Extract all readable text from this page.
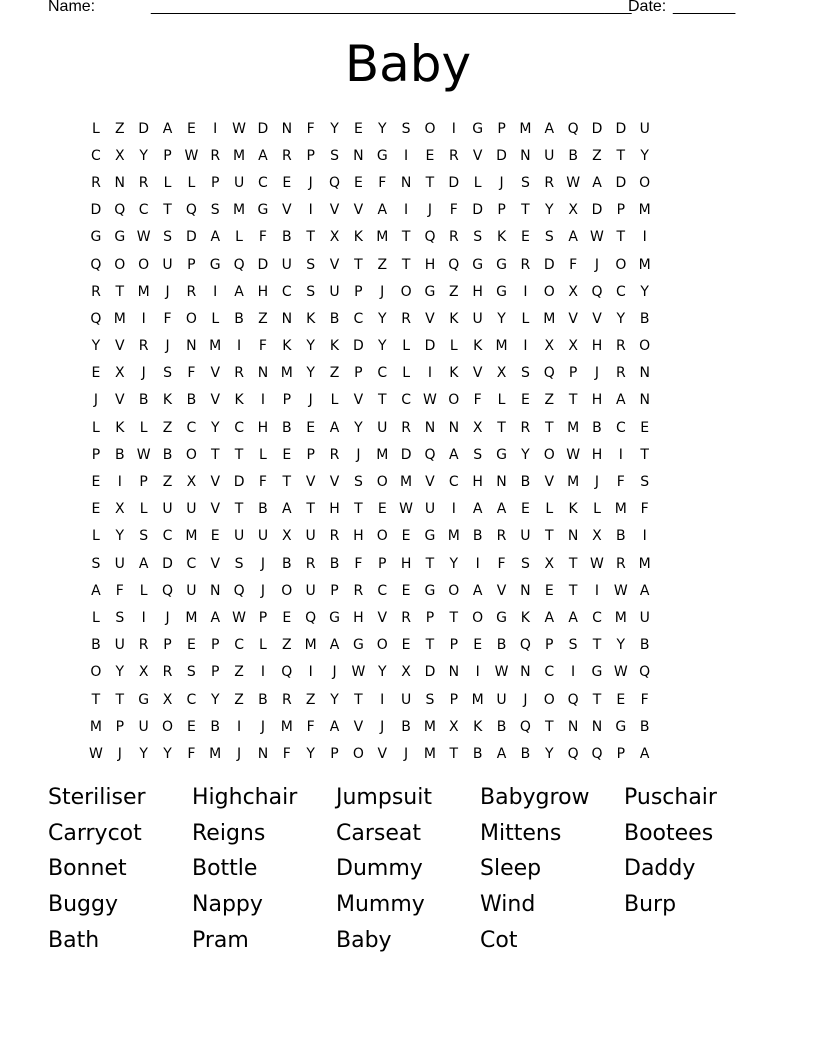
Name:	______________________________________________________
Date: _______
Baby
L	Z D A	E	I	W D N	F	Y	E	Y	S O	I	G	P M A Q D D U
C	X	Y	P W R M A	R	P	S	N G	I	E	R	V D N U B	Z	T	Y
R N R	L	L	P	U C	E	J	Q E	F	N	T	D	L	J	S	R W A D O
D Q C	T	Q S M G V	I	V	V	A	I	J	F	D	P	T	Y	X D	P M
G G W S	D A	L	F	B	T	X	K M T	Q R	S	K	E	S	A W T	I
Q O O U	P	G Q D U	S	V	T	Z	T	H Q G G R D	F	J	O M
R	T M	J	R	I	A H C	S	U	P	J	O G Z H G	I	O X Q C	Y
Q M	I	F	O	L	B	Z N	K	B	C	Y	R	V	K	U	Y	L M V	V	Y	B
Y	V	R	J	N M	I	F	K	Y	K D	Y	L	D	L	K M	I	X	X H R O
E	X	J	S	F	V	R N M Y	Z	P	C	L	I	K	V	X	S Q	P	J	R N
J	V	B	K	B	V	K	I	P	J	L	V	T	C W O	F	L	E	Z	T	H A N
L	K	L	Z	C	Y	C H B	E	A	Y	U R N N X	T	R	T M B	C	E
P	B W B O	T	T	L	E	P	R	J	M D Q A	S G	Y	O W H	I	T
E	I	P	Z	X	V D	F	T	V	V	S O M V	C H N B	V M	J	F	S
E	X	L	U U V	T	B	A	T	H	T	E W U	I	A	A	E	L	K	L M F
L	Y	S	C M E	U U X U R H O E	G M B	R U	T	N X	B	I
S	U A D C	V	S	J	B	R	B	F	P	H	T	Y	I	F	S	X	T W R M
A	F	L	Q U N Q	J	O U	P	R	C	E	G O A	V N	E	T	I	W A
L	S	I	J	M A W P	E Q G H V	R	P	T	O G K	A	A	C M U
B U R	P	E	P	C	L	Z M A G O E	T	P	E	B Q	P	S	T	Y	B
O	Y	X	R	S	P	Z	I	Q	I	J	W Y	X D N	I	W N C	I	G W Q
T	T	G X	C	Y	Z	B	R	Z	Y	T	I	U	S	P M U	J	O Q	T	E	F
M P	U O E	B	I	J	M F	A	V	J	B M X	K	B Q	T	N N G B
W	J	Y	Y	F M	J	N	F	Y	P	O V	J	M T	B	A	B	Y	Q Q	P	A
Steriliser	Highchair	Jumpsuit	Babygrow	Puschair
Carrycot	Reigns	Carseat	Mittens	Bootees
Bonnet	Bottle	Dummy	Sleep	Daddy
Buggy	Nappy	Mummy	Wind	Burp
Bath	Pram	Baby	Cot
